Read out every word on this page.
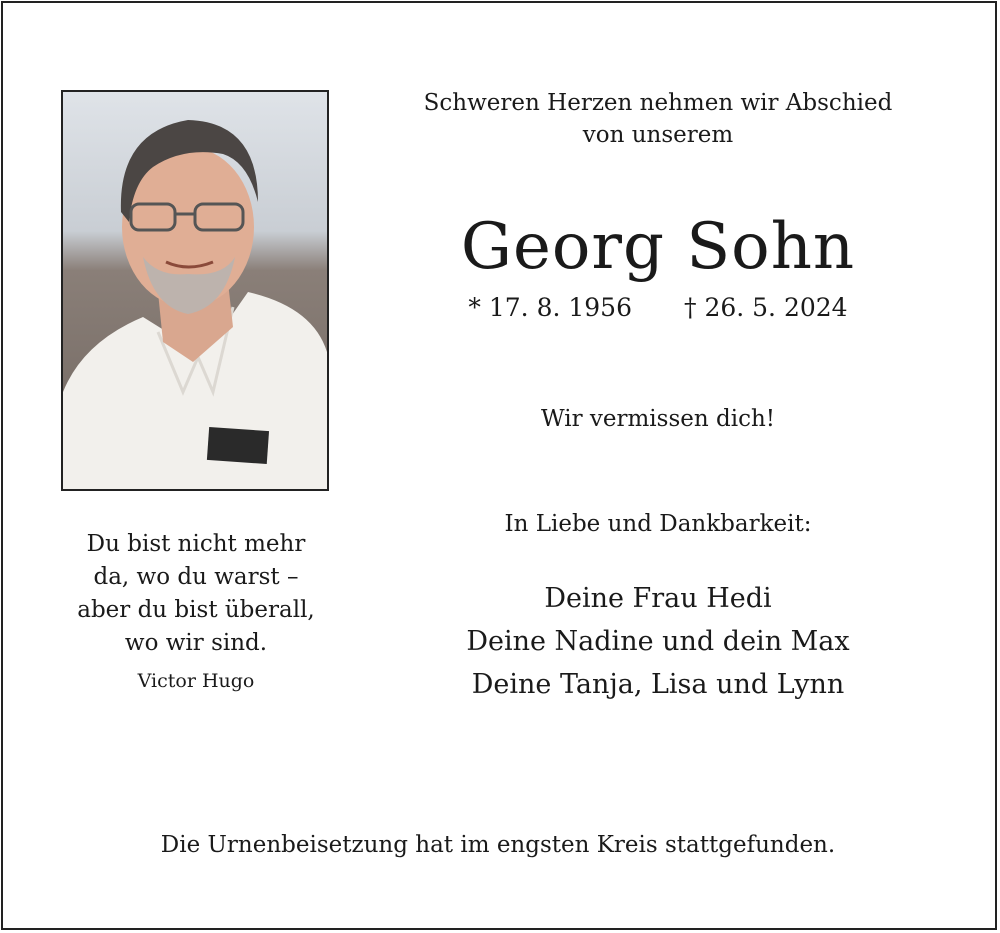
Schweren Herzen nehmen wir Abschied
von unserem
Georg Sohn
* 17. 8. 1956 † 26. 5. 2024
Wir vermissen dich!
In Liebe und Dankbarkeit:
Deine Frau Hedi
Deine Nadine und dein Max
Deine Tanja, Lisa und Lynn
Du bist nicht mehr
da, wo du warst –
aber du bist überall,
wo wir sind.
Victor Hugo
Die Urnenbeisetzung hat im engsten Kreis stattgefunden.
